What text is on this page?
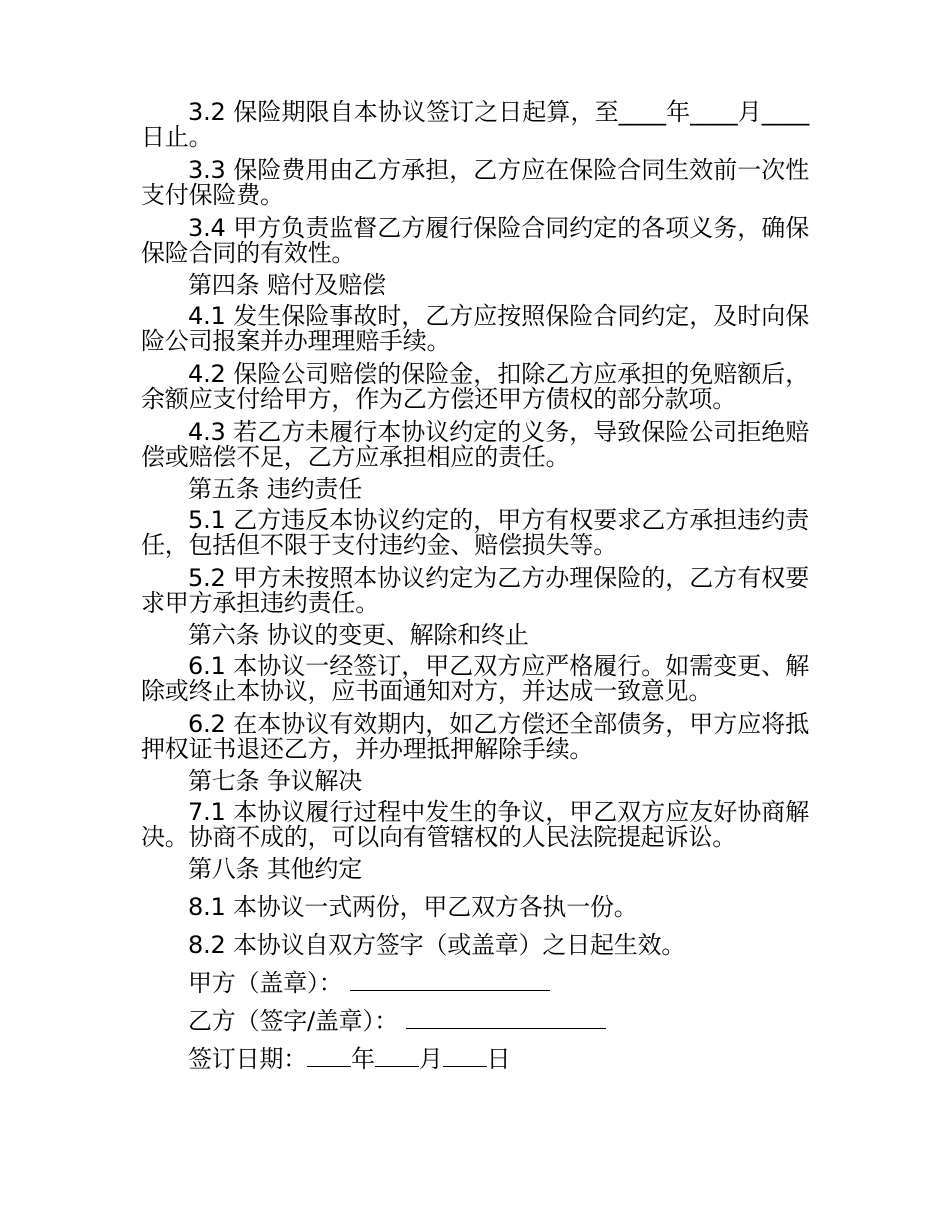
3.2 保险期限自本协议签订之日起算，至____年____月____日止。

3.3 保险费用由乙方承担，乙方应在保险合同生效前一次性支付保险费。

3.4 甲方负责监督乙方履行保险合同约定的各项义务，确保保险合同的有效性。

第四条 赔付及赔偿

4.1 发生保险事故时，乙方应按照保险合同约定，及时向保险公司报案并办理理赔手续。

4.2 保险公司赔偿的保险金，扣除乙方应承担的免赔额后，余额应支付给甲方，作为乙方偿还甲方债权的部分款项。

4.3 若乙方未履行本协议约定的义务，导致保险公司拒绝赔偿或赔偿不足，乙方应承担相应的责任。

第五条 违约责任

5.1 乙方违反本协议约定的，甲方有权要求乙方承担违约责任，包括但不限于支付违约金、赔偿损失等。

5.2 甲方未按照本协议约定为乙方办理保险的，乙方有权要求甲方承担违约责任。

第六条 协议的变更、解除和终止

6.1 本协议一经签订，甲乙双方应严格履行。如需变更、解除或终止本协议，应书面通知对方，并达成一致意见。

6.2 在本协议有效期内，如乙方偿还全部债务，甲方应将抵押权证书退还乙方，并办理抵押解除手续。

第七条 争议解决

7.1 本协议履行过程中发生的争议，甲乙双方应友好协商解决。协商不成的，可以向有管辖权的人民法院提起诉讼。

第八条 其他约定

8.1 本协议一式两份，甲乙双方各执一份。

8.2 本协议自双方签字（或盖章）之日起生效。

甲方（盖章）：

乙方（签字/盖章）：

签订日期： 年 月 日
